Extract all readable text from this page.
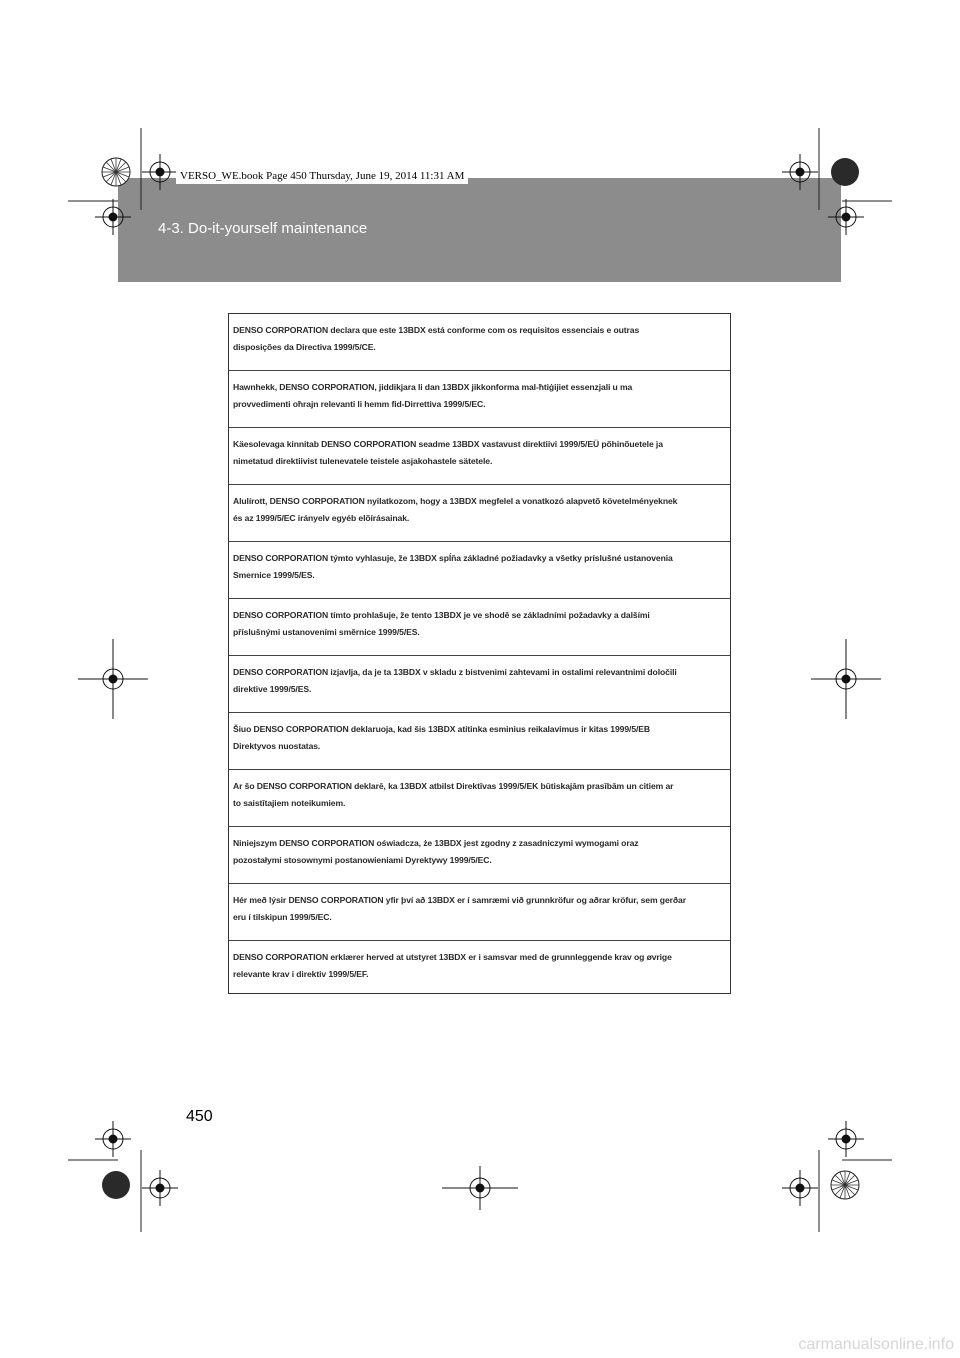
4-3. Do-it-yourself maintenance
VERSO_WE.book Page 450 Thursday, June 19, 2014 11:31 AM
DENSO CORPORATION declara que este 13BDX está conforme com os requisitos essenciais e outras
disposições da Directiva 1999/5/CE.
Hawnhekk, DENSO CORPORATION, jiddikjara li dan 13BDX jikkonforma mal-ħtiġijiet essenzjali u ma
provvedimenti oħrajn relevanti li hemm fid-Dirrettiva 1999/5/EC.
Käesolevaga kinnitab DENSO CORPORATION seadme 13BDX vastavust direktiivi 1999/5/EÜ põhinõuetele ja
nimetatud direktiivist tulenevatele teistele asjakohastele sätetele.
Alulírott, DENSO CORPORATION nyilatkozom, hogy a 13BDX megfelel a vonatkozó alapvetõ követelményeknek
és az 1999/5/EC irányelv egyéb elõírásainak.
DENSO CORPORATION týmto vyhlasuje, že 13BDX spĺňa základné požiadavky a všetky príslušné ustanovenia
Smernice 1999/5/ES.
DENSO CORPORATION tímto prohlašuje, že tento 13BDX je ve shodě se základními požadavky a dalšími
příslušnými ustanoveními směrnice 1999/5/ES.
DENSO CORPORATION izjavlja, da je ta 13BDX v skladu z bistvenimi zahtevami in ostalimi relevantnimi določili
direktive 1999/5/ES.
Šiuo DENSO CORPORATION deklaruoja, kad šis 13BDX atitinka esminius reikalavimus ir kitas 1999/5/EB
Direktyvos nuostatas.
Ar šo DENSO CORPORATION deklarē, ka 13BDX atbilst Direktīvas 1999/5/EK būtiskajām prasībām un citiem ar
to saistītajiem noteikumiem.
Niniejszym DENSO CORPORATION oświadcza, że 13BDX jest zgodny z zasadniczymi wymogami oraz
pozostałymi stosownymi postanowieniami Dyrektywy 1999/5/EC.
Hér með lýsir DENSO CORPORATION yfir því að 13BDX er í samræmi við grunnkröfur og aðrar kröfur, sem gerðar
eru í tilskipun 1999/5/EC.
DENSO CORPORATION erklærer herved at utstyret 13BDX er i samsvar med de grunnleggende krav og øvrige
relevante krav i direktiv 1999/5/EF.
450
carmanualsonline.info
